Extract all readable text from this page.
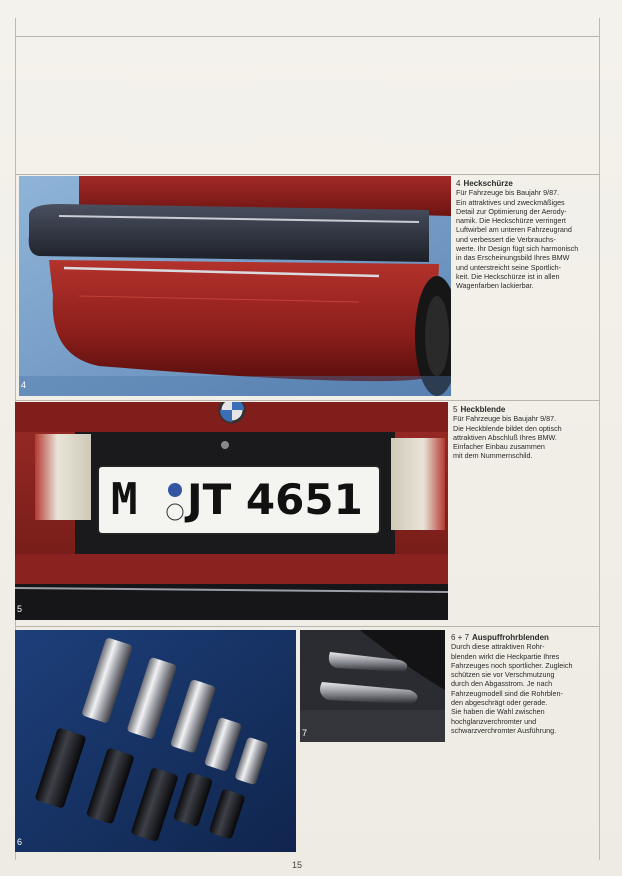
4
4 Heckschürze
Für Fahrzeuge bis Baujahr 9/87.
Ein attraktives und zweckmäßiges
Detail zur Optimierung der Aerody-
namik. Die Heckschürze verringert
Luftwirbel am unteren Fahrzeugrand
und verbessert die Verbrauchs-
werte. Ihr Design fügt sich harmonisch
in das Erscheinungsbild Ihres BMW
und unterstreicht seine Sportlich-
keit. Die Heckschürze ist in allen
Wagenfarben lackierbar.
M JT 4651
5
5 Heckblende
Für Fahrzeuge bis Baujahr 9/87.
Die Heckblende bildet den optisch
attraktiven Abschluß Ihres BMW.
Einfacher Einbau zusammen
mit dem Nummernschild.
6
7
6 + 7 Auspuffrohrblenden
Durch diese attraktiven Rohr-
blenden wirkt die Heckpartie Ihres
Fahrzeuges noch sportlicher. Zugleich
schützen sie vor Verschmutzung
durch den Abgasstrom. Je nach
Fahrzeugmodell sind die Rohrblen-
den abgeschrägt oder gerade.
Sie haben die Wahl zwischen
hochglanzverchromter und
schwarzverchromter Ausführung.
15
